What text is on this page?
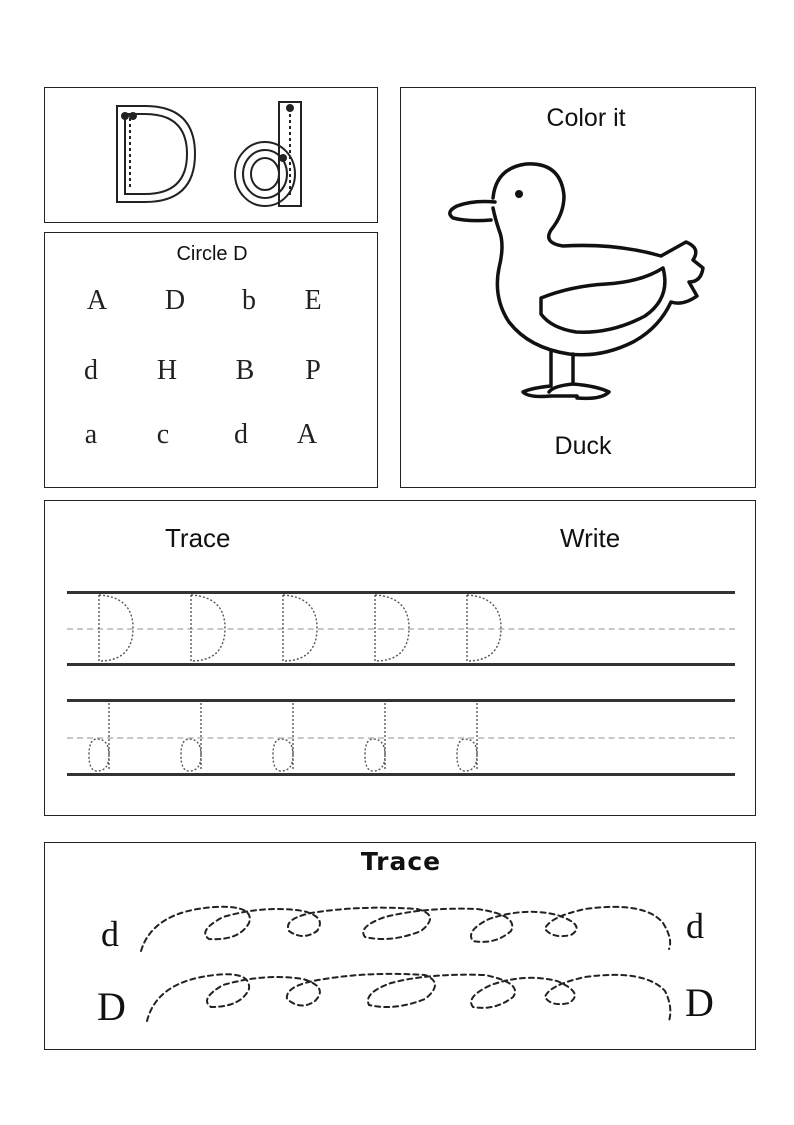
Circle D
A	D	b	E
d	H	B	P
a	c	d	A
Color it
Duck
Trace	Write
Trace
d	d
D	D
